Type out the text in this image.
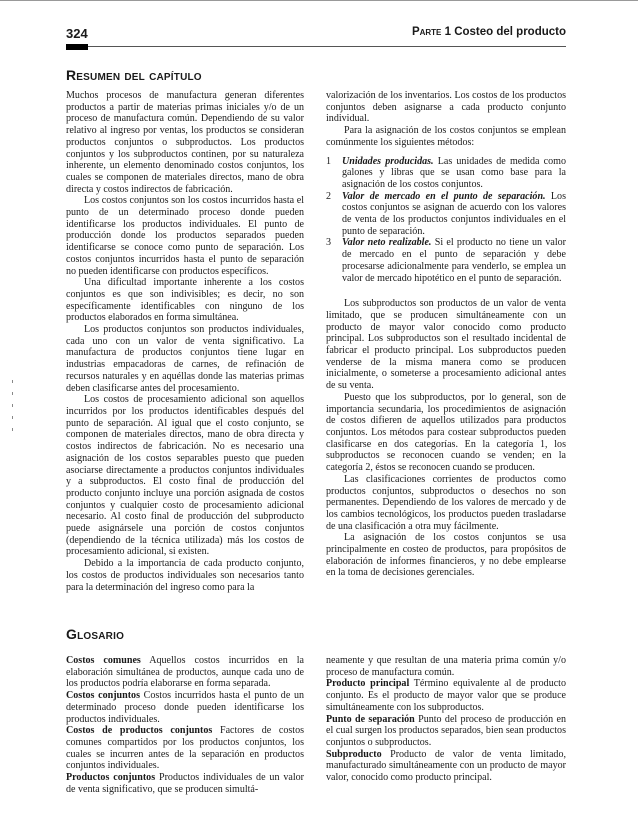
324	Parte 1 Costeo del producto
Resumen del capítulo

Muchos procesos de manufactura generan diferentes productos a partir de materias primas iniciales y/o de un proceso de manufactura común. Dependiendo de su valor relativo al ingreso por ventas, los productos se consideran productos conjuntos o subproductos. Los productos conjuntos y los subproductos continen, por su naturaleza inherente, un elemento denominado costos conjuntos, los cuales se componen de materiales directos, mano de obra directa y costos indirectos de fabricación.

Los costos conjuntos son los costos incurridos hasta el punto de un determinado proceso donde pueden identificarse los productos individuales. El punto de producción donde los productos separados pueden identificarse se conoce como punto de separación. Los costos conjuntos incurridos hasta el punto de separación no pueden identificarse con productos específicos.

Una dificultad importante inherente a los costos conjuntos es que son indivisibles; es decir, no son específicamente identificables con ninguno de los productos elaborados en forma simultánea.

Los productos conjuntos son productos individuales, cada uno con un valor de venta significativo. La manufactura de productos conjuntos tiene lugar en industrias empacadoras de carnes, de refinación de recursos naturales y en aquéllas donde las materias primas deben clasificarse antes del procesamiento.

Los costos de procesamiento adicional son aquellos incurridos por los productos identificables después del punto de separación. Al igual que el costo conjunto, se componen de materiales directos, mano de obra directa y costos indirectos de fabricación. No es necesario una asignación de los costos separables puesto que pueden asociarse directamente a productos conjuntos individuales y a subproductos. El costo final de producción del producto conjunto incluye una porción asignada de costos conjuntos y cualquier costo de procesamiento adicional necesario. Al costo final de producción del subproducto puede asignársele una porción de costos conjuntos (dependiendo de la técnica utilizada) más los costos de procesamiento adicional, si existen.

Debido a la importancia de cada producto conjunto, los costos de productos individuales son necesarios tanto para la determinación del ingreso como para la

valorización de los inventarios. Los costos de los productos conjuntos deben asignarse a cada producto conjunto individual.

Para la asignación de los costos conjuntos se emplean comúnmente los siguientes métodos:

1	Unidades producidas. Las unidades de medida como galones y libras que se usan como base para la asignación de los costos conjuntos.
2	Valor de mercado en el punto de separación. Los costos conjuntos se asignan de acuerdo con los valores de venta de los productos conjuntos individuales en el punto de separación.
3	Valor neto realizable. Si el producto no tiene un valor de mercado en el punto de separación y debe procesarse adicionalmente para venderlo, se emplea un valor de mercado hipotético en el punto de separación.

Los subproductos son productos de un valor de venta limitado, que se producen simultáneamente con un producto de mayor valor conocido como producto principal. Los subproductos son el resultado incidental de fabricar el producto principal. Los subproductos pueden venderse de la misma manera como se producen inicialmente, o someterse a procesamiento adicional antes de su venta.

Puesto que los subproductos, por lo general, son de importancia secundaria, los procedimientos de asignación de costos difieren de aquellos utilizados para productos conjuntos. Los métodos para costear subproductos pueden clasificarse en dos categorías. En la categoría 1, los subproductos se reconocen cuando se venden; en la categoría 2, éstos se reconocen cuando se producen.

Las clasificaciones corrientes de productos como productos conjuntos, subproductos o desechos no son permanentes. Dependiendo de los valores de mercado y de los cambios tecnológicos, los productos pueden trasladarse de una clasificación a otra muy fácilmente.

La asignación de los costos conjuntos se usa principalmente en costeo de productos, para propósitos de elaboración de informes financieros, y no debe emplearse en la toma de decisiones gerenciales.

Glosario

Costos comunes Aquellos costos incurridos en la elaboración simultánea de productos, aunque cada uno de los productos podría elaborarse en forma separada.

Costos conjuntos Costos incurridos hasta el punto de un determinado proceso donde pueden identificarse los productos individuales.

Costos de productos conjuntos Factores de costos comunes compartidos por los productos conjuntos, los cuales se incurren antes de la separación en productos conjuntos individuales.

Productos conjuntos Productos individuales de un valor de venta significativo, que se producen simultá-

neamente y que resultan de una materia prima común y/o proceso de manufactura común.

Producto principal Término equivalente al de producto conjunto. Es el producto de mayor valor que se produce simultáneamente con los subproductos.

Punto de separación Punto del proceso de producción en el cual surgen los productos separados, bien sean productos conjuntos o subproductos.

Subproducto Producto de valor de venta limitado, manufacturado simultáneamente con un producto de mayor valor, conocido como producto principal.
